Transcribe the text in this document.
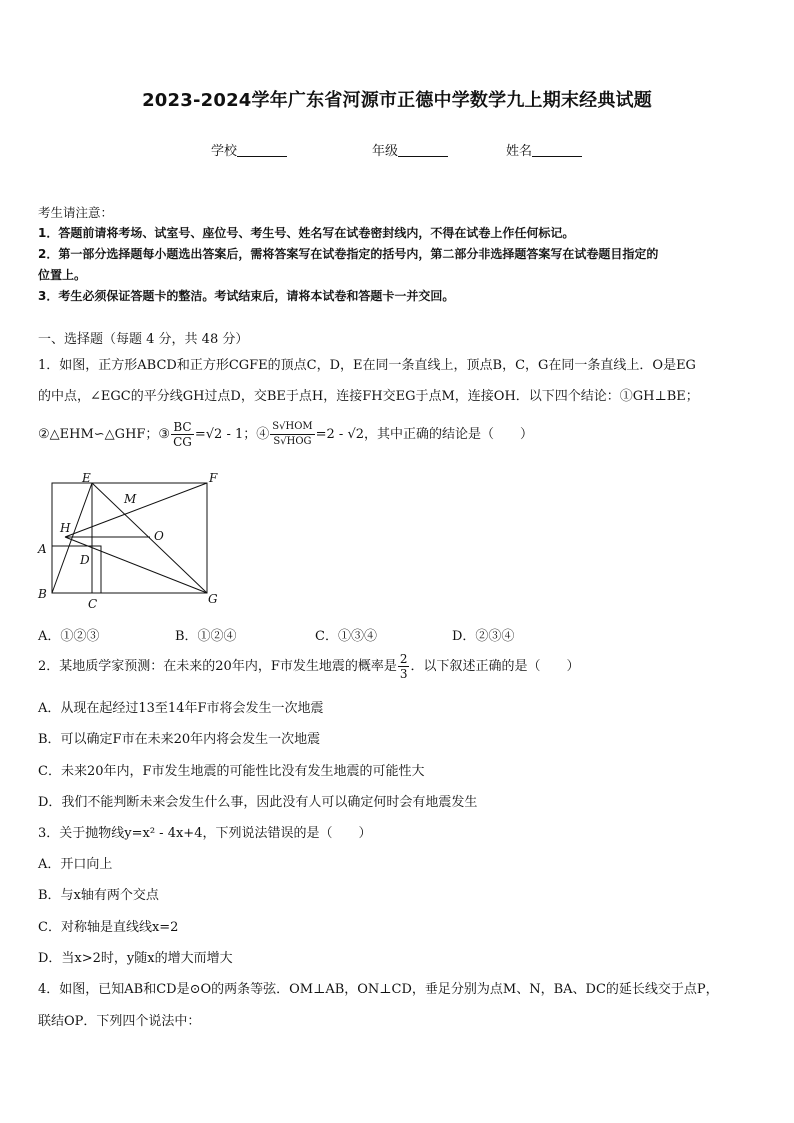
2023-2024学年广东省河源市正德中学数学九上期末经典试题
学校	年级	姓名
考生请注意：
1．答题前请将考场、试室号、座位号、考生号、姓名写在试卷密封线内，不得在试卷上作任何标记。
2．第一部分选择题每小题选出答案后，需将答案写在试卷指定的括号内，第二部分非选择题答案写在试卷题目指定的
位置上。
3．考生必须保证答题卡的整洁。考试结束后，请将本试卷和答题卡一并交回。
一、选择题（每题 4 分，共 48 分）
1．如图，正方形ABCD和正方形CGFE的顶点C，D，E在同一条直线上，顶点B，C，G在同一条直线上．O是EG
的中点，∠EGC的平分线GH过点D，交BE于点H，连接FH交EG于点M，连接OH．以下四个结论：①GH⊥BE；
②△EHM∽△GHF；③ $\frac{BC}{CG} =√2 - 1$；④ $\frac{\text{S√HOM}}{\text{S√HOG}} =2 - √2$，其中正确的结论是（　　）
E	F
M
H
O
A
D
B
C	G
A．①②③	B．①②④	C．①③④	D．②③④
2．某地质学家预测：在未来的20年内，F市发生地震的概率是 $\frac{2}{3}$ ．以下叙述正确的是（　　）
A．从现在起经过13至14年F市将会发生一次地震
B．可以确定F市在未来20年内将会发生一次地震
C．未来20年内，F市发生地震的可能性比没有发生地震的可能性大
D．我们不能判断未来会发生什么事，因此没有人可以确定何时会有地震发生
3．关于抛物线y=x² - 4x+4，下列说法错误的是（　　）
A．开口向上
B．与x轴有两个交点
C．对称轴是直线线x=2
D．当x>2时，y随x的增大而增大
4．如图，已知AB和CD是⊙O的两条等弦．OM⊥AB，ON⊥CD，垂足分别为点M、N，BA、DC的延长线交于点P，
联结OP．下列四个说法中：
